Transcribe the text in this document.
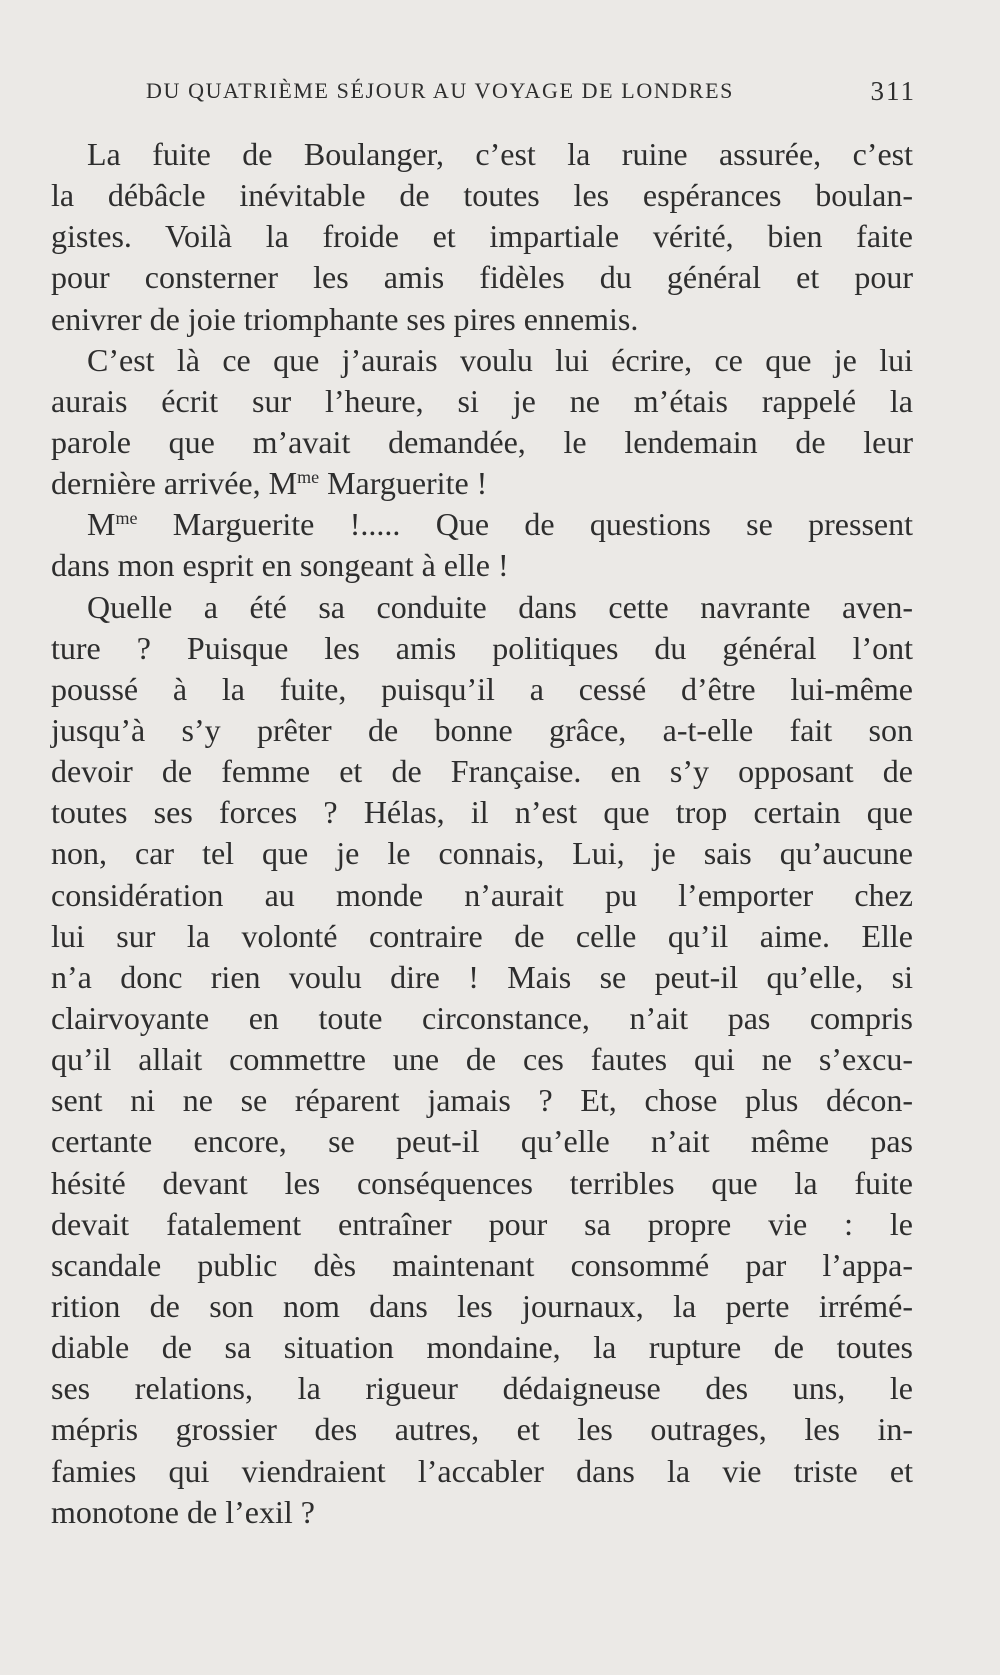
DU QUATRIÈME SÉJOUR AU VOYAGE DE LONDRES	311
La fuite de Boulanger, c’est la ruine assurée, c’est
la débâcle inévitable de toutes les espérances boulan-
gistes. Voilà la froide et impartiale vérité, bien faite
pour consterner les amis fidèles du général et pour
enivrer de joie triomphante ses pires ennemis.
C’est là ce que j’aurais voulu lui écrire, ce que je lui
aurais écrit sur l’heure, si je ne m’étais rappelé la
parole que m’avait demandée, le lendemain de leur
dernière arrivée, $M^{me}$ Marguerite !
$M^{me}$ Marguerite !..... Que de questions se pressent
dans mon esprit en songeant à elle !
Quelle a été sa conduite dans cette navrante aven-
ture ? Puisque les amis politiques du général l’ont
poussé à la fuite, puisqu’il a cessé d’être lui-même
jusqu’à s’y prêter de bonne grâce, a-t-elle fait son
devoir de femme et de Française. en s’y opposant de
toutes ses forces ? Hélas, il n’est que trop certain que
non, car tel que je le connais, Lui, je sais qu’aucune
considération au monde n’aurait pu l’emporter chez
lui sur la volonté contraire de celle qu’il aime. Elle
n’a donc rien voulu dire ! Mais se peut-il qu’elle, si
clairvoyante en toute circonstance, n’ait pas compris
qu’il allait commettre une de ces fautes qui ne s’excu-
sent ni ne se réparent jamais ? Et, chose plus décon-
certante encore, se peut-il qu’elle n’ait même pas
hésité devant les conséquences terribles que la fuite
devait fatalement entraîner pour sa propre vie : le
scandale public dès maintenant consommé par l’appa-
rition de son nom dans les journaux, la perte irrémé-
diable de sa situation mondaine, la rupture de toutes
ses relations, la rigueur dédaigneuse des uns, le
mépris grossier des autres, et les outrages, les in-
famies qui viendraient l’accabler dans la vie triste et
monotone de l’exil ?
